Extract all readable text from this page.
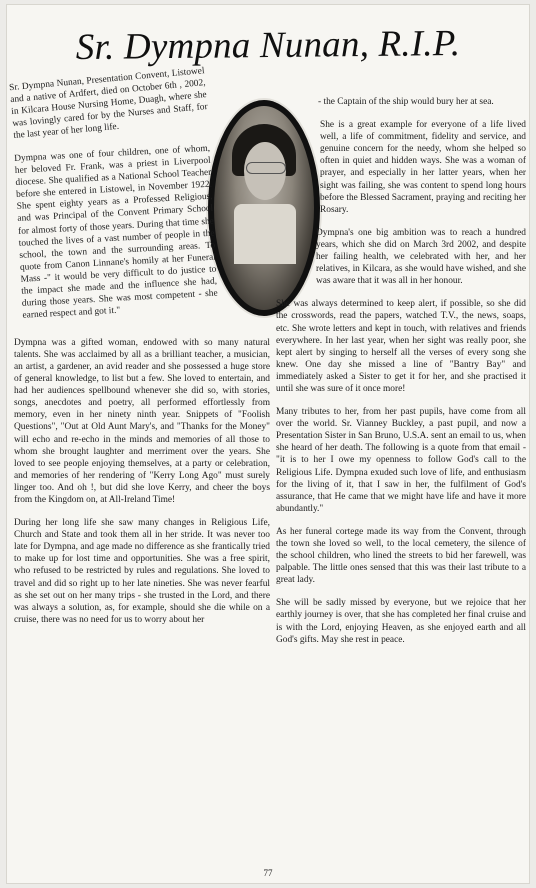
Sr. Dympna Nunan, R.I.P.

Sr. Dympna Nunan, Presentation Convent, Listowel and a native of Ardfert, died on October 6th , 2002, in Kilcara House Nursing Home, Duagh, where she was lovingly cared for by the Nurses and Staff, for the last year of her long life.

Dympna was one of four children, one of whom, her beloved Fr. Frank, was a priest in Liverpool diocese. She qualified as a National School Teacher before she entered in Listowel, in November 1922. She spent eighty years as a Professed Religious, and was Principal of the Convent Primary School for almost forty of those years. During that time she touched the lives of a vast number of people in the school, the town and the surrounding areas. To quote from Canon Linnane's homily at her Funeral Mass -" it would be very difficult to do justice to the impact she made and the influence she had, during those years. She was most competent - she earned respect and got it."

Dympna was a gifted woman, endowed with so many natural talents. She was acclaimed by all as a brilliant teacher, a musician, an artist, a gardener, an avid reader and she possessed a huge store of general knowledge, to list but a few. She loved to entertain, and had her audiences spellbound whenever she did so, with stories, songs, anecdotes and poetry, all performed effortlessly from memory, even in her ninety ninth year. Snippets of "Foolish Questions", "Out at Old Aunt Mary's, and "Thanks for the Money" will echo and re-echo in the minds and memories of all those to whom she brought laughter and merriment over the years. She loved to see people enjoying themselves, at a party or celebration, and memories of her rendering of "Kerry Long Ago" must surely linger too. And oh !, but did she love Kerry, and cheer the boys from the Kingdom on, at All-Ireland Time!

During her long life she saw many changes in Religious Life, Church and State and took them all in her stride. It was never too late for Dympna, and age made no difference as she frantically tried to make up for lost time and opportunities. She was a free spirit, who refused to be restricted by rules and regulations. She loved to travel and did so right up to her late nineties. She was never fearful as she set out on her many trips - she trusted in the Lord, and there was always a solution, as, for example, should she die while on a cruise, there was no need for us to worry about her

- the Captain of the ship would bury her at sea.

She is a great example for everyone of a life lived well, a life of commitment, fidelity and service, and genuine concern for the needy, whom she helped so often in quiet and hidden ways. She was a woman of prayer, and especially in her latter years, when her sight was failing, she was content to spend long hours before the Blessed Sacrament, praying and reciting her Rosary.

Dympna's one big ambition was to reach a hundred years, which she did on March 3rd 2002, and despite her failing health, we celebrated with her, and her relatives, in Kilcara, as she would have wished, and she was aware that it was all in her honour.

She was always determined to keep alert, if possible, so she did the crosswords, read the papers, watched T.V., the news, soaps, etc. She wrote letters and kept in touch, with relatives and friends everywhere. In her last year, when her sight was really poor, she kept alert by singing to herself all the verses of every song she knew. One day she missed a line of "Bantry Bay" and immediately asked a Sister to get it for her, and she practised it until she was sure of it once more!

Many tributes to her, from her past pupils, have come from all over the world. Sr. Vianney Buckley, a past pupil, and now a Presentation Sister in San Bruno, U.S.A. sent an email to us, when she heard of her death. The following is a quote from that email - "it is to her I owe my openness to follow God's call to the Religious Life. Dympna exuded such love of life, and enthusiasm for the living of it, that I saw in her, the fulfilment of God's assurance, that He came that we might have life and have it more abundantly."

As her funeral cortege made its way from the Convent, through the town she loved so well, to the local cemetery, the silence of the school children, who lined the streets to bid her farewell, was palpable. The little ones sensed that this was their last tribute to a great lady.

She will be sadly missed by everyone, but we rejoice that her earthly journey is over, that she has completed her final cruise and is with the Lord, enjoying Heaven, as she enjoyed earth and all God's gifts. May she rest in peace.

77
